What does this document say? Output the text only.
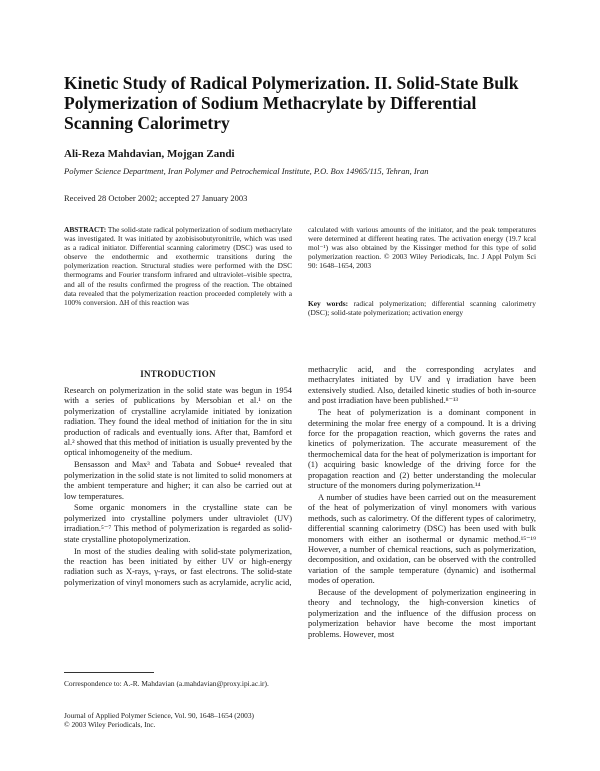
Kinetic Study of Radical Polymerization. II. Solid-State Bulk Polymerization of Sodium Methacrylate by Differential Scanning Calorimetry
Ali-Reza Mahdavian, Mojgan Zandi
Polymer Science Department, Iran Polymer and Petrochemical Institute, P.O. Box 14965/115, Tehran, Iran
Received 28 October 2002; accepted 27 January 2003
ABSTRACT: The solid-state radical polymerization of sodium methacrylate was investigated. It was initiated by azobisisobutyronitrile, which was used as a radical initiator. Differential scanning calorimetry (DSC) was used to observe the endothermic and exothermic transitions during the polymerization reaction. Structural studies were performed with the DSC thermograms and Fourier transform infrared and ultraviolet–visible spectra, and all of the results confirmed the progress of the reaction. The obtained data revealed that the polymerization reaction proceeded completely with a 100% conversion. ΔH of this reaction was
calculated with various amounts of the initiator, and the peak temperatures were determined at different heating rates. The activation energy (19.7 kcal mol⁻¹) was also obtained by the Kissinger method for this type of solid polymerization reaction. © 2003 Wiley Periodicals, Inc. J Appl Polym Sci 90: 1648–1654, 2003
Key words: radical polymerization; differential scanning calorimetry (DSC); solid-state polymerization; activation energy
INTRODUCTION

Research on polymerization in the solid state was begun in 1954 with a series of publications by Mersobian et al.¹ on the polymerization of crystalline acrylamide initiated by ionization radiation. They found the ideal method of initiation for the in situ production of radicals and eventually ions. After that, Bamford et al.² showed that this method of initiation is usually prevented by the optical inhomogeneity of the medium.

Bensasson and Max³ and Tabata and Sobue⁴ revealed that polymerization in the solid state is not limited to solid monomers at the ambient temperature and higher; it can also be carried out at low temperatures.

Some organic monomers in the crystalline state can be polymerized into crystalline polymers under ultraviolet (UV) irradiation.⁵⁻⁷ This method of polymerization is regarded as solid-state crystalline photopolymerization.

In most of the studies dealing with solid-state polymerization, the reaction has been initiated by either UV or high-energy radiation such as X-rays, γ-rays, or fast electrons. The solid-state polymerization of vinyl monomers such as acrylamide, acrylic acid,

methacrylic acid, and the corresponding acrylates and methacrylates initiated by UV and γ irradiation have been extensively studied. Also, detailed kinetic studies of both in-source and post irradiation have been published.⁸⁻¹³

The heat of polymerization is a dominant component in determining the molar free energy of a compound. It is a driving force for the propagation reaction, which governs the rates and kinetics of polymerization. The accurate measurement of the thermochemical data for the heat of polymerization is important for (1) acquiring basic knowledge of the driving force for the propagation reaction and (2) better understanding the molecular structure of the monomers during polymerization.¹⁴

A number of studies have been carried out on the measurement of the heat of polymerization of vinyl monomers with various methods, such as calorimetry. Of the different types of calorimetry, differential scanning calorimetry (DSC) has been used with bulk monomers with either an isothermal or dynamic method.¹⁵⁻¹⁹ However, a number of chemical reactions, such as polymerization, decomposition, and oxidation, can be observed with the controlled variation of the sample temperature (dynamic) and isothermal modes of operation.

Because of the development of polymerization engineering in theory and technology, the high-conversion kinetics of polymerization and the influence of the diffusion process on polymerization behavior have become the most important problems. However, most

Correspondence to: A.-R. Mahdavian (a.mahdavian@proxy.ipi.ac.ir).
Journal of Applied Polymer Science, Vol. 90, 1648–1654 (2003)
© 2003 Wiley Periodicals, Inc.
